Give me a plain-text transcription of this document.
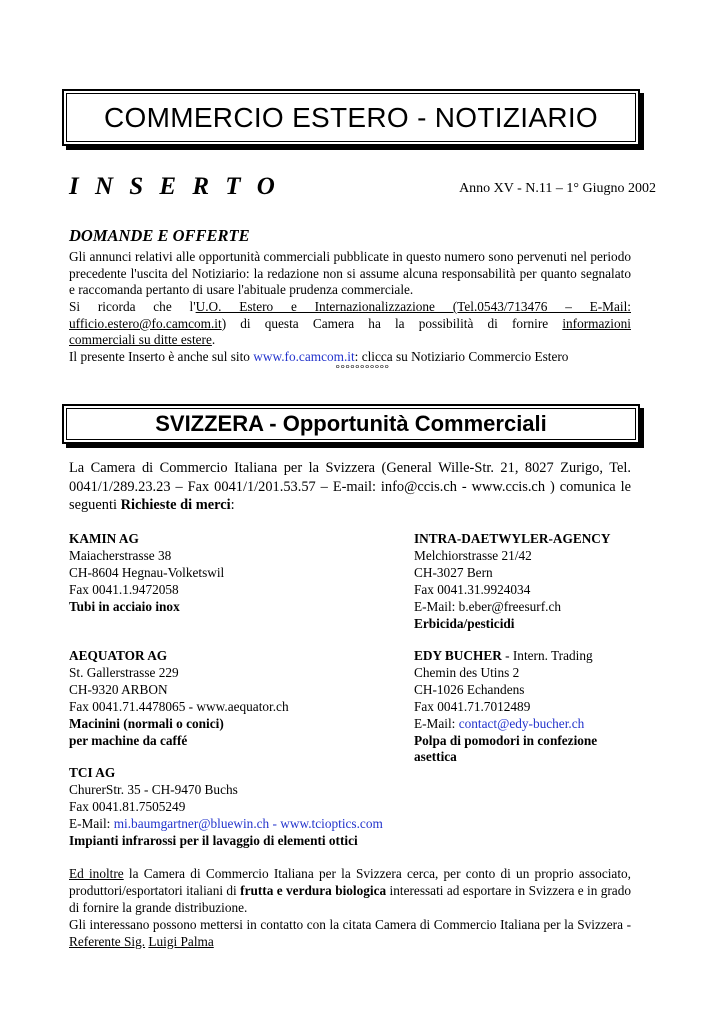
COMMERCIO ESTERO - NOTIZIARIO
I N S E R T O	Anno XV - N.11 – 1° Giugno 2002
DOMANDE E OFFERTE
Gli annunci relativi alle opportunità commerciali pubblicate in questo numero sono pervenuti nel periodo precedente l'uscita del Notiziario: la redazione non si assume alcuna responsabilità per quanto segnalato e raccomanda pertanto di usare l'abituale prudenza commerciale.
Si ricorda che l'U.O. Estero e Internazionalizzazione (Tel.0543/713476 – E-Mail:
ufficio.estero@fo.camcom.it) di questa Camera ha la possibilità di fornire informazioni
commerciali su ditte estere.
Il presente Inserto è anche sul sito www.fo.camcom.it: clicca su Notiziario Commercio Estero
°°°°°°°°°°°
SVIZZERA - Opportunità Commerciali
La Camera di Commercio Italiana per la Svizzera (General Wille-Str. 21, 8027 Zurigo, Tel. 0041/1/289.23.23 – Fax 0041/1/201.53.57 – E-mail: info@ccis.ch - www.ccis.ch ) comunica le seguenti Richieste di merci:
KAMIN AG
Maiacherstrasse 38
CH-8604 Hegnau-Volketswil
Fax 0041.1.9472058
Tubi in acciaio inox
INTRA-DAETWYLER-AGENCY
Melchiorstrasse 21/42
CH-3027 Bern
Fax 0041.31.9924034
E-Mail: b.eber@freesurf.ch
Erbicida/pesticidi
AEQUATOR AG
St. Gallerstrasse 229
CH-9320 ARBON
Fax 0041.71.4478065 - www.aequator.ch
Macinini (normali o conici)
per machine da caffé
EDY BUCHER - Intern. Trading
Chemin des Utins 2
CH-1026 Echandens
Fax 0041.71.7012489
E-Mail: contact@edy-bucher.ch
Polpa di pomodori in confezione
asettica
TCI AG
ChurerStr. 35 - CH-9470 Buchs
Fax 0041.81.7505249
E-Mail: mi.baumgartner@bluewin.ch - www.tcioptics.com
Impianti infrarossi per il lavaggio di elementi ottici
Ed inoltre la Camera di Commercio Italiana per la Svizzera cerca, per conto di un proprio associato, produttori/esportatori italiani di frutta e verdura biologica interessati ad esportare in Svizzera e in grado di fornire la grande distribuzione.
Gli interessano possono mettersi in contatto con la citata Camera di Commercio Italiana per la Svizzera - Referente Sig. Luigi Palma
